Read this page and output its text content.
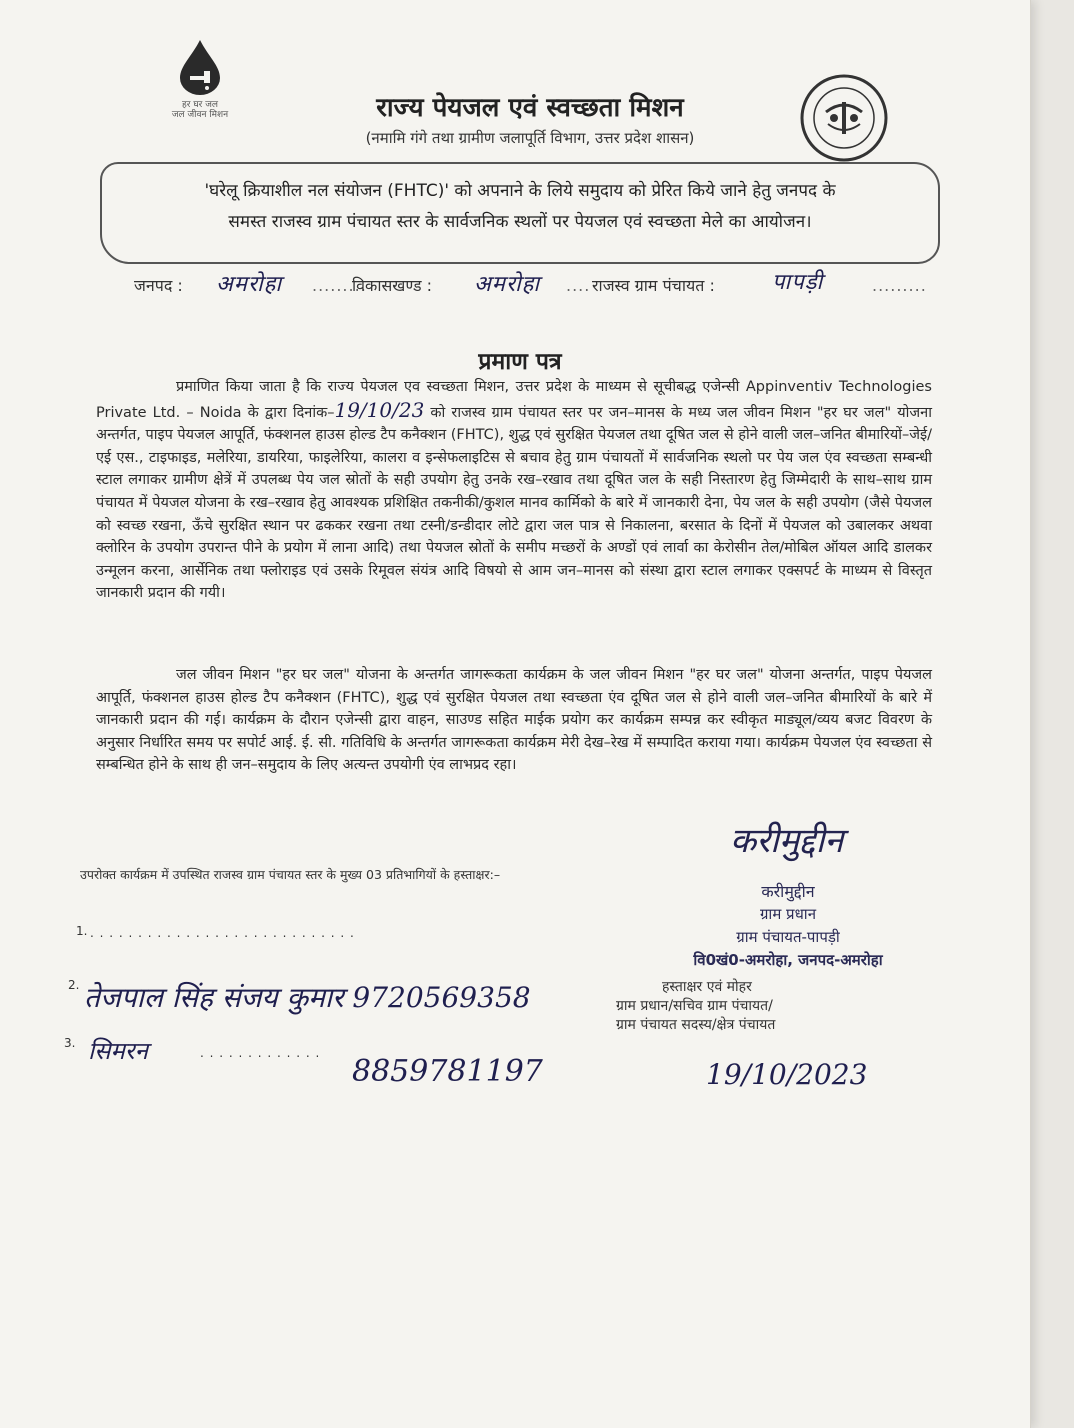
हर घर जल
जल जीवन मिशन	राज्य पेयजल एवं स्वच्छता मिशन
(नमामि गंगे तथा ग्रामीण जलापूर्ति विभाग, उत्तर प्रदेश शासन)
'घरेलू क्रियाशील नल संयोजन (FHTC)' को अपनाने के लिये समुदाय को प्रेरित किये जाने हेतु जनपद के
समस्त राजस्व ग्राम पंचायत स्तर के सार्वजनिक स्थलों पर पेयजल एवं स्वच्छता मेले का आयोजन।
जनपद : अमरोहा .........
विकासखण्ड : अमरोहा .... राजस्व ग्राम पंचायत :	पापड़ी	.........
प्रमाण पत्र
प्रमाणित किया जाता है कि राज्य पेयजल एव स्वच्छता मिशन, उत्तर प्रदेश के माध्यम से सूचीबद्ध एजेन्सी Appinventiv Technologies Private Ltd. – Noida के द्वारा दिनांक–19/10/23 को राजस्व ग्राम पंचायत स्तर पर जन–मानस के मध्य जल जीवन मिशन "हर घर जल" योजना अन्तर्गत, पाइप पेयजल आपूर्ति, फंक्शनल हाउस होल्ड टैप कनैक्शन (FHTC), शुद्ध एवं सुरक्षित पेयजल तथा दूषित जल से होने वाली जल–जनित बीमारियों–जेई/एई एस., टाइफाइड, मलेरिया, डायरिया, फाइलेरिया, कालरा व इन्सेफलाइटिस से बचाव हेतु ग्राम पंचायतों में सार्वजनिक स्थलो पर पेय जल एंव स्वच्छता सम्बन्धी स्टाल लगाकर ग्रामीण क्षेत्रें में उपलब्ध पेय जल स्रोतों के सही उपयोग हेतु उनके रख–रखाव तथा दूषित जल के सही निस्तारण हेतु जिम्मेदारी के साथ–साथ ग्राम पंचायत में पेयजल योजना के रख–रखाव हेतु आवश्यक प्रशिक्षित तकनीकी/कुशल मानव कार्मिको के बारे में जानकारी देना, पेय जल के सही उपयोग (जैसे पेयजल को स्वच्छ रखना, ऊँचे सुरक्षित स्थान पर ढककर रखना तथा टस्नी/डन्डीदार लोटे द्वारा जल पात्र से निकालना, बरसात के दिनों में पेयजल को उबालकर अथवा क्लोरिन के उपयोग उपरान्त पीने के प्रयोग में लाना आदि) तथा पेयजल स्रोतों के समीप मच्छरों के अण्डों एवं लार्वा का केरोसीन तेल/मोबिल ऑयल आदि डालकर उन्मूलन करना, आर्सेनिक तथा फ्लोराइड एवं उसके रिमूवल संयंत्र आदि विषयो से आम जन–मानस को संस्था द्वारा स्टाल लगाकर एक्सपर्ट के माध्यम से विस्तृत जानकारी प्रदान की गयी।
जल जीवन मिशन "हर घर जल" योजना के अन्तर्गत जागरूकता कार्यक्रम के जल जीवन मिशन "हर घर जल" योजना अन्तर्गत, पाइप पेयजल आपूर्ति, फंक्शनल हाउस होल्ड टैप कनैक्शन (FHTC), शुद्ध एवं सुरक्षित पेयजल तथा स्वच्छता एंव दूषित जल से होने वाली जल–जनित बीमारियों के बारे में जानकारी प्रदान की गई। कार्यक्रम के दौरान एजेन्सी द्वारा वाहन, साउण्ड सहित माईक प्रयोग कर कार्यक्रम सम्पन्न कर स्वीकृत माड्यूल/व्यय बजट विवरण के अनुसार निर्धारित समय पर सपोर्ट आई. ई. सी. गतिविधि के अन्तर्गत जागरूकता कार्यक्रम मेरी देख–रेख में सम्पादित कराया गया। कार्यक्रम पेयजल एंव स्वच्छता से सम्बन्धित होने के साथ ही जन–समुदाय के लिए अत्यन्त उपयोगी एंव लाभप्रद रहा।
करीमुद्दीन
करीमुद्दीन
ग्राम प्रधान
ग्राम पंचायत-पापड़ी
वि0खं0-अमरोहा, जनपद-अमरोहा
उपरोक्त कार्यक्रम में उपस्थित राजस्व ग्राम पंचायत स्तर के मुख्य 03 प्रतिभागियों के हस्ताक्षर:–
1. . . . . . . . . . . . . . . . . . . . . . . . . . . . .
2. तेजपाल सिंह संजय कुमार 9720569358
3. सिमरन	. . . . . . . . . . . . .
8859781197
हस्ताक्षर एवं मोहर
ग्राम प्रधान/सचिव ग्राम पंचायत/
ग्राम पंचायत सदस्य/क्षेत्र पंचायत
19/10/2023
